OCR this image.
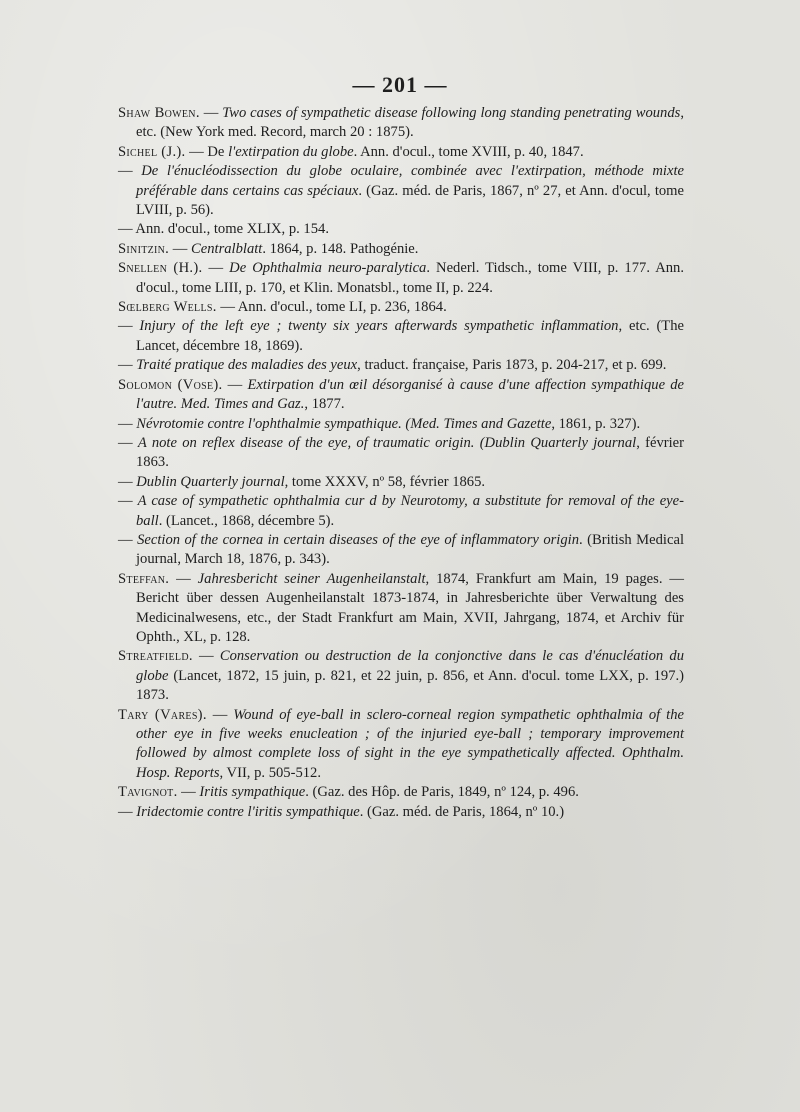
— 201 —

Shaw Bowen. — Two cases of sympathetic disease following long standing penetrating wounds, etc. (New York med. Record, march 20 : 1875).

Sichel (J.). — De l'extirpation du globe. Ann. d'ocul., tome XVIII, p. 40, 1847.

— De l'énucléodissection du globe oculaire, combinée avec l'extirpation, méthode mixte préférable dans certains cas spéciaux. (Gaz. méd. de Paris, 1867, nº 27, et Ann. d'ocul, tome LVIII, p. 56).

— Ann. d'ocul., tome XLIX, p. 154.

Sinitzin. — Centralblatt. 1864, p. 148. Pathogénie.

Snellen (H.). — De Ophthalmia neuro-paralytica. Nederl. Tidsch., tome VIII, p. 177. Ann. d'ocul., tome LIII, p. 170, et Klin. Monatsbl., tome II, p. 224.

Sœlberg Wells. — Ann. d'ocul., tome LI, p. 236, 1864.

— Injury of the left eye ; twenty six years afterwards sympathetic inflammation, etc. (The Lancet, décembre 18, 1869).

— Traité pratique des maladies des yeux, traduct. française, Paris 1873, p. 204-217, et p. 699.

Solomon (Vose). — Extirpation d'un œil désorganisé à cause d'une affection sympathique de l'autre. Med. Times and Gaz., 1877.

— Névrotomie contre l'ophthalmie sympathique. (Med. Times and Gazette, 1861, p. 327).

— A note on reflex disease of the eye, of traumatic origin. (Dublin Quarterly journal, février 1863.

— Dublin Quarterly journal, tome XXXV, nº 58, février 1865.

— A case of sympathetic ophthalmia cur d by Neurotomy, a substitute for removal of the eye-ball. (Lancet., 1868, décembre 5).

— Section of the cornea in certain diseases of the eye of inflammatory origin. (British Medical journal, March 18, 1876, p. 343).

Steffan. — Jahresbericht seiner Augenheilanstalt, 1874, Frankfurt am Main, 19 pages. — Bericht über dessen Augenheilanstalt 1873-1874, in Jahresberichte über Verwaltung des Medicinalwesens, etc., der Stadt Frankfurt am Main, XVII, Jahrgang, 1874, et Archiv für Ophth., XL, p. 128.

Streatfield. — Conservation ou destruction de la conjonctive dans le cas d'énucléation du globe (Lancet, 1872, 15 juin, p. 821, et 22 juin, p. 856, et Ann. d'ocul. tome LXX, p. 197.) 1873.

Tary (Vares). — Wound of eye-ball in sclero-corneal region sympathetic ophthalmia of the other eye in five weeks enucleation ; of the injuried eye-ball ; temporary improvement followed by almost complete loss of sight in the eye sympathetically affected. Ophthalm. Hosp. Reports, VII, p. 505-512.

Tavignot. — Iritis sympathique. (Gaz. des Hôp. de Paris, 1849, nº 124, p. 496.

— Iridectomie contre l'iritis sympathique. (Gaz. méd. de Paris, 1864, nº 10.)
